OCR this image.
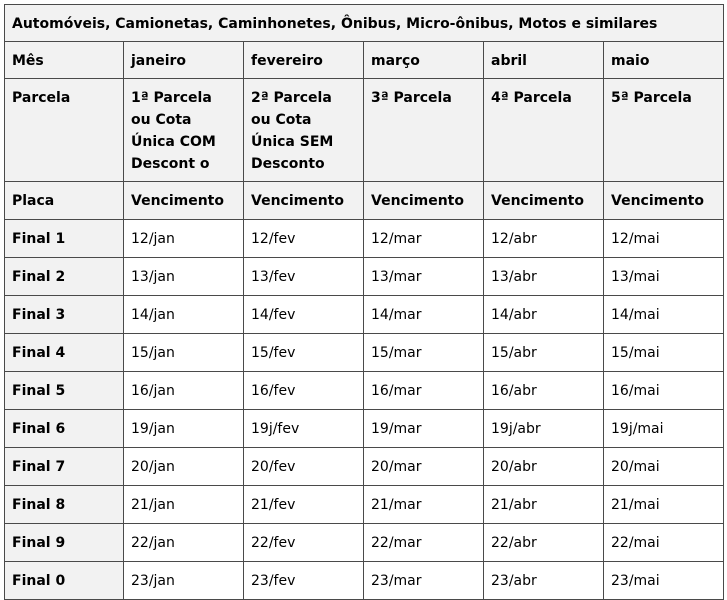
Automóveis, Camionetas, Caminhonetes, Ônibus, Micro-ônibus, Motos e similares					
Mês	janeiro	fevereiro	março	abril	maio
Parcela	1ª Parcela ou Cota Única COM Descont o	2ª Parcela ou Cota Única SEM Desconto	3ª Parcela	4ª Parcela	5ª Parcela
Placa	Vencimento	Vencimento	Vencimento	Vencimento	Vencimento
Final 1	12/jan	12/fev	12/mar	12/abr	12/mai
Final 2	13/jan	13/fev	13/mar	13/abr	13/mai
Final 3	14/jan	14/fev	14/mar	14/abr	14/mai
Final 4	15/jan	15/fev	15/mar	15/abr	15/mai
Final 5	16/jan	16/fev	16/mar	16/abr	16/mai
Final 6	19/jan	19j/fev	19/mar	19j/abr	19j/mai
Final 7	20/jan	20/fev	20/mar	20/abr	20/mai
Final 8	21/jan	21/fev	21/mar	21/abr	21/mai
Final 9	22/jan	22/fev	22/mar	22/abr	22/mai
Final 0	23/jan	23/fev	23/mar	23/abr	23/mai
